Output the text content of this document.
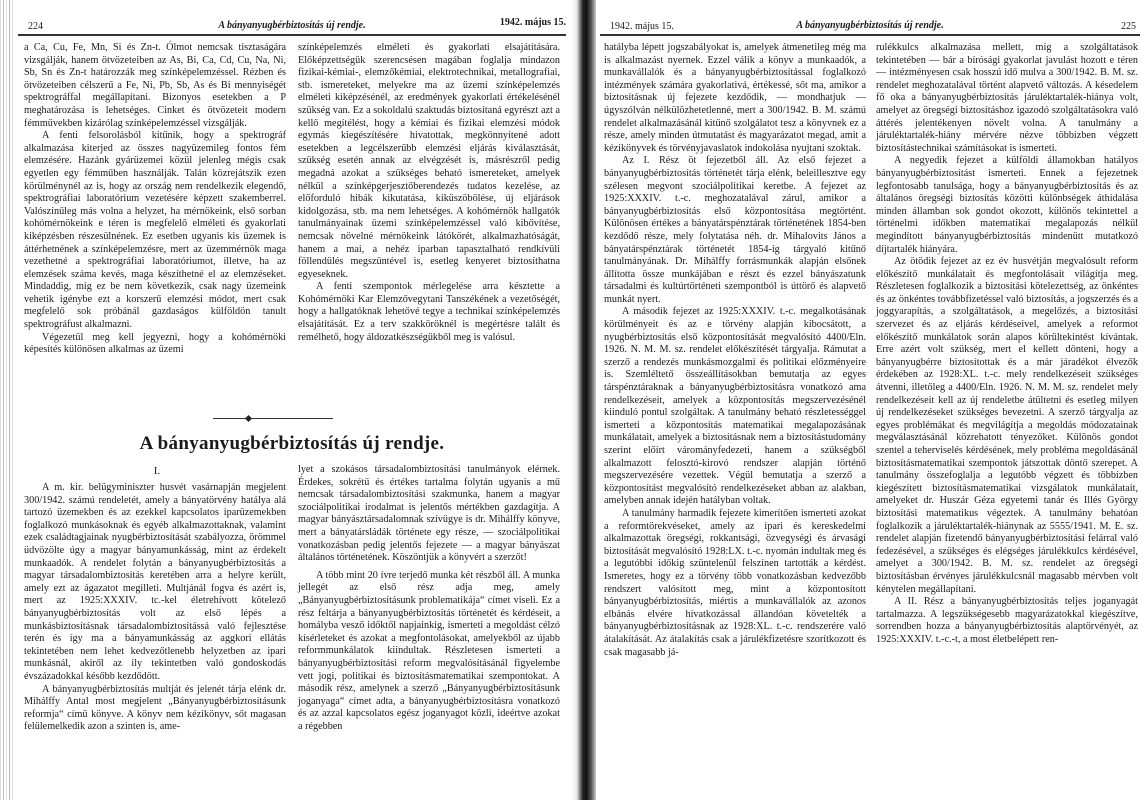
224	A bányanyugbérbiztosítás új rendje.	1942. május 15.

a Ca, Cu, Fe, Mn, Si és Zn-t. Ólmot nemcsak tisztaságára vizsgálják, hanem ötvözeteiben az As, Bi, Ca, Cd, Cu, Na, Ni, Sb, Sn és Zn-t határozzák meg színképelemzéssel. Rézben és ötvözeteiben célszerű a Fe, Ni, Pb, Sb, As és Bi mennyiségét spektrográffal megállapítani. Bizonyos esetekben a P meghatározása is lehetséges. Cinket és ötvözeteit modern fémművekben kizárólag színképelemzéssel vizsgálják.

A fenti felsorolásból kitűnik, hogy a spektrográf alkalmazása kiterjed az összes nagyüzemileg fontos fém elemzésére. Hazánk gyárüzemei közül jelenleg mégis csak egyetlen egy fémműben használják. Talán közrejátszik ezen körülménynél az is, hogy az ország nem rendelkezik elegendő, spektrográfiai laboratórium vezetésére képzett szakemberrel. Valószínűleg más volna a helyzet, ha mérnökeink, első sorban kohómérnökeink e téren is megfelelő elméleti és gyakorlati kiképzésben részesülnének. Ez esetben ugyanis kis üzemek is áttérhetnének a színképelemzésre, mert az üzemmérnök maga vezethetné a spektrográfiai laboratóriumot, illetve, ha az elemzések száma kevés, maga készíthetné el az elemzéseket. Mindaddig, míg ez be nem következik, csak nagy üzemeink vehetik igénybe ezt a korszerű elemzési módot, mert csak megfelelő sok próbánál gazdaságos külföldön tanult spektrográfust alkalmazni.

Végezetül meg kell jegyezni, hogy a kohómérnöki képesítés különösen alkalmas az üzemi

színképelemzés elméleti és gyakorlati elsajátítására. Előképzettségük szerencsésen magában foglalja mindazon fizikai-kémiai-, elemzőkémiai, elektrotechnikai, metallografiai, stb. ismereteket, melyekre ma az üzemi színképelemzés elméleti kiképzésénél, az eredmények gyakorlati értékelésénél szükség van. Ez a sokoldalú szaktudás biztosítaná egyrészt azt a kellő megítélést, hogy a kémiai és fizikai elemzési módok egymás kiegészítésére hivatottak, megkönnyítené adott esetekben a legcélszerűbb elemzési eljárás kiválasztását, szükség esetén annak az elvégzését is, másrészről pedig megadná azokat a szükséges beható ismereteket, amelyek nélkül a színképgerjesztőberendezés tudatos kezelése, az előforduló hibák kikutatása, kiküszöbölése, új eljárások kidolgozása, stb. ma nem lehetséges. A kohómérnök hallgatók tanulmányainak üzemi színképelemzéssel való kibővítése, nemcsak növelné mérnökeink látókörét, alkalmazhatóságát, hanem a mai, a nehéz iparban tapasztalható rendkívüli föllendülés megszüntével is, esetleg kenyeret biztosíthatna egyeseknek.

A fenti szempontok mérlegelése arra késztette a Kohómérnöki Kar Elemzővegytani Tanszékének a vezetőségét, hogy a hallgatóknak lehetővé tegye a technikai színképelemzés elsajátítását. Ez a terv szakköröknél is megértésre talált és remélhető, hogy áldozatkészségükből meg is valósul.

A bányanyugbérbiztosítás új rendje.
I.

A m. kir. belügyminiszter husvét vasárnapján megjelent 300/1942. számú rendeletét, amely a bányatörvény hatálya alá tartozó üzemekben és az ezekkel kapcsolatos iparüzemekben foglalkozó munkásoknak és egyéb alkalmazottaknak, valamint ezek családtagjainak nyugbérbiztosítását szabályozza, örömmel üdvözölte úgy a magyar bányamunkásság, mint az érdekelt munkaadók. A rendelet folytán a bányanyugbérbiztosítás a magyar társadalombiztosítás keretében arra a helyre került, amely ezt az ágazatot megilleti. Multjánál fogva és azért is, mert az 1925:XXXIV. tc.-kel életrehívott kötelező bányanyugbérbiztosítás volt az első lépés a munkásbiztosításnak társadalombiztosítássá való fejlesztése terén és így ma a bányamunkásság az aggkori ellátás tekintetében nem lehet kedvezőtlenebb helyzetben az ipari munkásnál, akiről az ily tekintetben való gondoskodás évszázadokkal később kezdődött.

A bányanyugbérbiztosítás multját és jelenét tárja elénk dr. Mihálffy Antal most megjelent „Bányanyugbérbiztosításunk reformja“ című könyve. A könyv nem kézikönyv, sőt magasan felülemelkedik azon a szinten is, ame-

lyet a szokásos társadalombiztosítási tanulmányok elérnek. Érdekes, sokrétű és értékes tartalma folytán ugyanis a mű nemcsak társadalombiztosítási szakmunka, hanem a magyar szociálpolitikai irodalmat is jelentős mértékben gazdagítja. A magyar bányásztársadalomnak szívügye is dr. Mihálffy könyve, mert a bányatársládák története egy része, — szociálpolitikai vonatkozásban pedig jelentős fejezete — a magyar bányászat általános történetének. Köszöntjük a könyvért a szerzőt!

A több mint 20 ívre terjedő munka két részből áll. A munka jellegét az első rész adja meg, amely „Bányanyugbérbiztosításunk problematikája“ címet viseli. Ez a rész feltárja a bányanyugbérbiztosítás történetét és kérdéseit, a homályba vesző időktől napjainkig, ismerteti a megoldást célzó kísérleteket és azokat a megfontolásokat, amelyekből az újabb reformmunkálatok kiindultak. Részletesen ismerteti a bányanyugbérbiztosítási reform megvalósításánál figyelembe vett jogi, politikai és biztosításmatematikai szempontokat. A második rész, amelynek a szerző „Bányanyugbérbiztosításunk joganyaga“ címet adta, a bányanyugbérbiztosításra vonatkozó és az azzal kapcsolatos egész joganyagot közli, ideértve azokat a régebben

1942. május 15.	A bányanyugbérbiztosítás új rendje.	225

hatályba lépett jogszabályokat is, amelyek átmenetileg még ma is alkalmazást nyernek. Ezzel válik a könyv a munkaadók, a munkavállalók és a bányanyugbérbiztosítással foglalkozó intézmények számára gyakorlativá, értékessé, sőt ma, amikor a biztosításnak új fejezete kezdődik, — mondhatjuk — úgyszólván nélkülözhetetlenné, mert a 300/1942. B. M. számú rendelet alkalmazásánál kitűnő szolgálatot tesz a könyvnek ez a része, amely minden útmutatást és magyarázatot megad, amit a kézikönyvek és törvényjavaslatok indokolása nyujtani szoktak.

Az I. Rész öt fejezetből áll. Az első fejezet a bányanyugbérbiztosítás történetét tárja elénk, beleillesztve egy szélesen megvont szociálpolitikai keretbe. A fejezet az 1925:XXXIV. t.-c. meghozatalával zárul, amikor a bányanyugbérbiztosítás első központosítása megtörtént. Különösen értékes a bányatárspénztárak történetének 1854-ben kezdődő része, mely folytatása néh. dr. Mihalovits János a bányatárspénztárak történetét 1854-ig tárgyaló kitűnő tanulmányának. Dr. Mihálffy forrásmunkák alapján elsőnek állította össze munkájában e részt és ezzel bányászatunk társadalmi és kultúrtörténeti szempontból is úttörő és alapvető munkát nyert.

A második fejezet az 1925:XXXIV. t.-c. megalkotásának körülményeit és az e törvény alapján kibocsátott, a nyugbérbiztosítás első központosítását megvalósító 4400/Eln. 1926. N. M. M. sz. rendelet előkészítését tárgyalja. Rámutat a szerző a rendezés munkásmozgalmi és politikai előzményeire is. Szemléltető összeállításokban bemutatja az egyes társpénztáraknak a bányanyugbérbiztosításra vonatkozó ama rendelkezéseit, amelyek a központosítás megszervezésénél kiinduló pontul szolgáltak. A tanulmány beható részletességgel ismerteti a központosítás matematikai megalapozásának munkálatait, amelyek a biztosításnak nem a biztosítástudomány szerint előírt várományfedezeti, hanem a szükségből alkalmazott felosztó-kirovó rendszer alapján történő megszervezésére vezettek. Végül bemutatja a szerző a központosítást megvalósító rendelkezéseket abban az alakban, amelyben annak idején hatályban voltak.

A tanulmány harmadik fejezete kimerítően ismerteti azokat a reformtörekvéseket, amely az ipari és kereskedelmi alkalmazottak öregségi, rokkantsági, özvegységi és árvasági biztosítását megvalósító 1928:LX. t.-c. nyomán indultak meg és a legutóbbi időkig szüntelenül felszínen tartották a kérdést. Ismeretes, hogy ez a törvény több vonatkozásban kedvezőbb rendszert valósított meg, mint a központosított bányanyugbérbiztosítás, miértis a munkavállalók az azonos elbánás elvére hivatkozással állandóan követelték a bányanyugbérbiztosításnak az 1928:XL. t.-c. rendszerére való átalakítását. Az átalakítás csak a járulékfizetésre szorítkozott és csak magasabb já-

rulékkulcs alkalmazása mellett, míg a szolgáltatások tekintetében — bár a bírósági gyakorlat javulást hozott e téren — intézményesen csak hosszú idő mulva a 300/1942. B. M. sz. rendelet meghozatalával történt alapvető változás. A késedelem fő oka a bányanyugbérbiztosítás járuléktartalék-hiánya volt, amelyet az öregségi biztosításhoz igazodó szolgáltatásokra való áttérés jelentékenyen növelt volna. A tanulmány a járuléktartalék-hiány mérvére nézve többízben végzett biztosítástechnikai számításokat is ismerteti.

A negyedik fejezet a külföldi államokban hatályos bányanyugbérbiztosítást ismerteti. Ennek a fejezetnek legfontosabb tanulsága, hogy a bányanyugbérbiztosítás és az általános öregségi biztosítás közötti különbségek áthidalása minden államban sok gondot okozott, különös tekintettel a történelmi időkben matematikai megalapozás nélkül megindított bányanyugbérbiztosítás mindenütt mutatkozó díjtartalék hiányára.

Az ötödik fejezet az ez év husvétján megvalósult reform előkészítő munkálatait és megfontolásait világítja meg. Részletesen foglalkozik a biztosítási kötelezettség, az önkéntes és az önkéntes továbbfizetéssel való biztosítás, a jogszerzés és a joggyarapítás, a szolgáltatások, a megelőzés, a biztosítási szervezet és az eljárás kérdéseivel, amelyek a reformot előkészítő munkálatok során alapos körültekintést kívántak. Erre azért volt szükség, mert el kellett dönteni, hogy a bányanyugbérre biztosítottak és a már járadékot élvezők érdekében az 1928:XL. t.-c. mely rendelkezéseit szükséges átvenni, illetőleg a 4400/Eln. 1926. N. M. M. sz. rendelet mely rendelkezéseit kell az új rendeletbe átültetni és esetleg milyen új rendelkezéseket szükséges bevezetni. A szerző tárgyalja az egyes problémákat és megvilágítja a megoldás módozatainak megválasztásánál közrehatott tényezőket. Különös gondot szentel a teherviselés kérdésének, mely probléma megoldásánál biztosításmatematikai szempontok játszottak döntő szerepet. A tanulmány összefoglalja a legutóbb végzett és többízben kiegészített biztosításmatematikai vizsgálatok munkálatait, amelyeket dr. Huszár Géza egyetemi tanár és Illés György biztosítási matematikus végeztek. A tanulmány behatóan foglalkozik a járuléktartalék-hiánynak az 5555/1941. M. E. sz. rendelet alapján fizetendő bányanyugbérbiztosítási felárral való fedezésével, a szükséges és elégséges járulékkulcs kérdésével, amelyet a 300/1942. B. M. sz. rendelet az öregségi biztosításban érvényes járulékkulcsnál magasabb mérvben volt kénytelen megállapítani.

A II. Rész a bányanyugbérbiztosítás teljes joganyagát tartalmazza. A legszükségesebb magyarázatokkal kiegészítve, sorrendben hozza a bányanyugbérbiztosítás alaptörvényét, az 1925:XXXIV. t.-c.-t, a most életbelépett ren-
